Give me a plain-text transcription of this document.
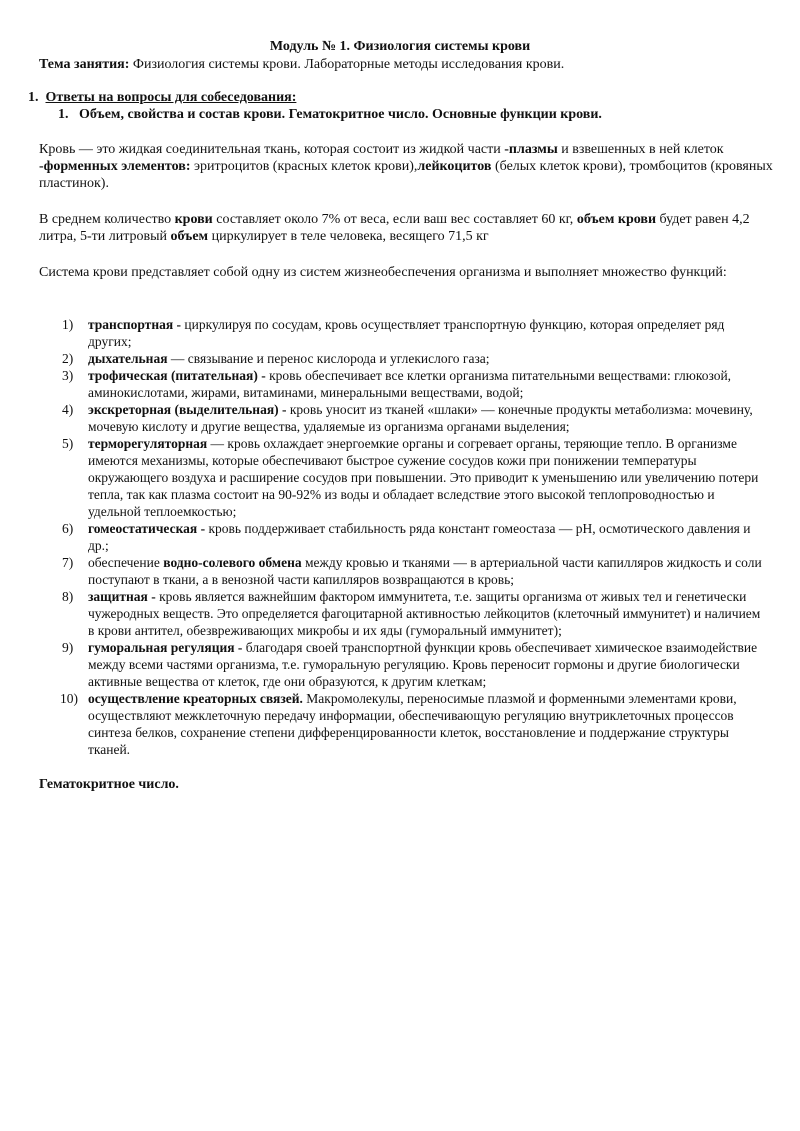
Модуль № 1. Физиология системы крови
Тема занятия: Физиология системы крови. Лабораторные методы исследования крови.
1. Ответы на вопросы для собеседования:
1. Объем, свойства и состав крови. Гематокритное число. Основные функции крови.
Кровь — это жидкая соединительная ткань, которая состоит из жидкой части -плазмы и взвешенных в ней клеток -форменных элементов: эритроцитов (красных клеток крови),лейкоцитов (белых клеток крови), тромбоцитов (кровяных пластинок).
В среднем количество крови составляет около 7% от веса, если ваш вес составляет 60 кг, объем крови будет равен 4,2 литра, 5-ти литровый объем циркулирует в теле человека, весящего 71,5 кг
Система крови представляет собой одну из систем жизнеобеспечения организма и выполняет множество функций:
1) транспортная - циркулируя по сосудам, кровь осуществляет транспортную функцию, которая определяет ряд других;
2) дыхательная — связывание и перенос кислорода и углекислого газа;
3) трофическая (питательная) - кровь обеспечивает все клетки организма питательными веществами: глюкозой, аминокислотами, жирами, витаминами, минеральными веществами, водой;
4) экскреторная (выделительная) - кровь уносит из тканей «шлаки» — конечные продукты метаболизма: мочевину, мочевую кислоту и другие вещества, удаляемые из организма органами выделения;
5) терморегуляторная — кровь охлаждает энергоемкие органы и согревает органы, теряющие тепло. В организме имеются механизмы, которые обеспечивают быстрое сужение сосудов кожи при понижении температуры окружающего воздуха и расширение сосудов при повышении. Это приводит к уменьшению или увеличению потери тепла, так как плазма состоит на 90-92% из воды и обладает вследствие этого высокой теплопроводностью и удельной теплоемкостью;
6) гомеостатическая - кровь поддерживает стабильность ряда констант гомеостаза — pH, осмотического давления и др.;
7) обеспечение водно-солевого обмена между кровью и тканями — в артериальной части капилляров жидкость и соли поступают в ткани, а в венозной части капилляров возвращаются в кровь;
8) защитная - кровь является важнейшим фактором иммунитета, т.е. защиты организма от живых тел и генетически чужеродных веществ. Это определяется фагоцитарной активностью лейкоцитов (клеточный иммунитет) и наличием в крови антител, обезвреживающих микробы и их яды (гуморальный иммунитет);
9) гуморальная регуляция - благодаря своей транспортной функции кровь обеспечивает химическое взаимодействие между всеми частями организма, т.е. гуморальную регуляцию. Кровь переносит гормоны и другие биологически активные вещества от клеток, где они образуются, к другим клеткам;
10) осуществление креаторных связей. Макромолекулы, переносимые плазмой и форменными элементами крови, осуществляют межклеточную передачу информации, обеспечивающую регуляцию внутриклеточных процессов синтеза белков, сохранение степени дифференцированности клеток, восстановление и поддержание структуры тканей.
Гематокритное число.
